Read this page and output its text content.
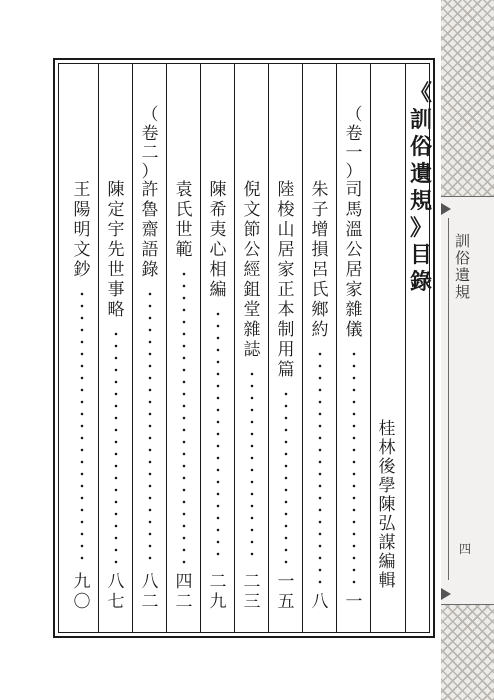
訓
俗
遺
規
四
《
訓
俗
遺
規
》
目
錄
桂
林
後
學
陳
弘
謀
編
輯
（
卷
一
）
（
卷
二
）
司
馬
溫
公
居
家
雜
儀
一
朱
子
增
損
呂
氏
鄉
約
八
陸
梭
山
居
家
正
本
制
用
篇
一
五
倪
文
節
公
經
鉏
堂
雜
誌
二
三
陳
希
夷
心
相
編
二
九
袁
氏
世
範
四
二
許
魯
齋
語
錄
八
二
陳
定
宇
先
世
事
略
八
七
王
陽
明
文
鈔
九
〇
